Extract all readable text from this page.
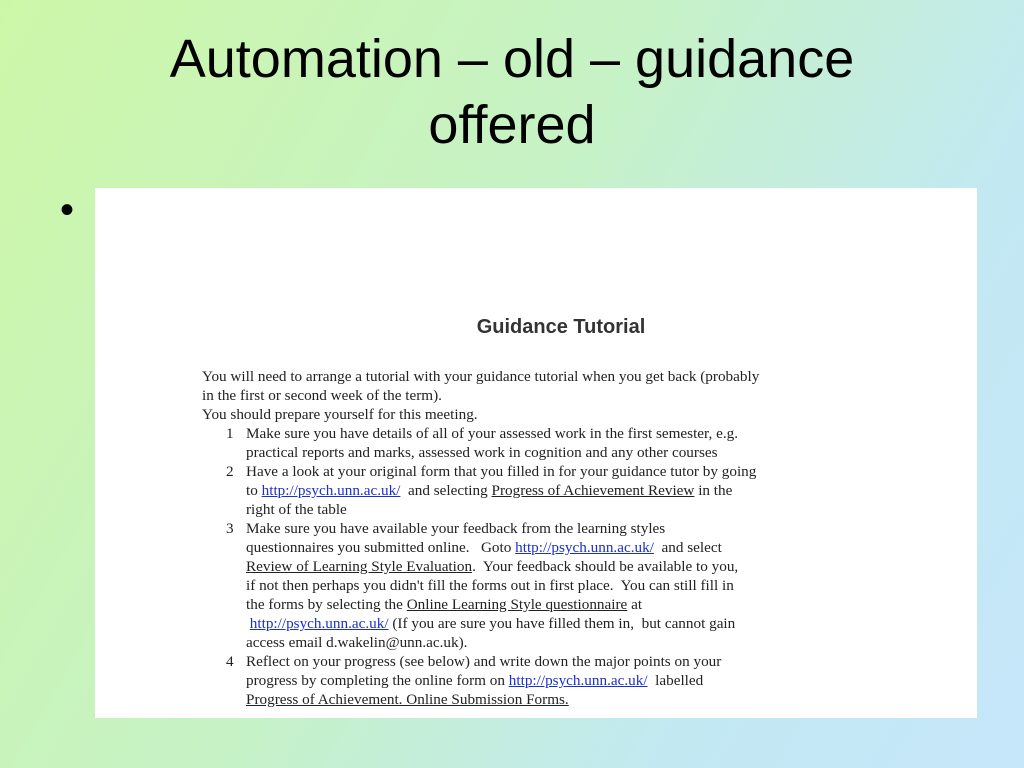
Automation – old – guidance
offered
•
Guidance Tutorial

You will need to arrange a tutorial with your guidance tutorial when you get back (probably

in the first or second week of the term).

You should prepare yourself for this meeting.

1 Make sure you have details of all of your assessed work in the first semester, e.g.
practical reports and marks, assessed work in cognition and any other courses
2 Have a look at your original form that you filled in for your guidance tutor by going
to http://psych.unn.ac.uk/  and selecting Progress of Achievement Review in the
right of the table
3 Make sure you have available your feedback from the learning styles
questionnaires you submitted online.   Goto http://psych.unn.ac.uk/  and select
Review of Learning Style Evaluation.  Your feedback should be available to you,
if not then perhaps you didn't fill the forms out in first place.  You can still fill in
the forms by selecting the Online Learning Style questionnaire at
http://psych.unn.ac.uk/ (If you are sure you have filled them in,  but cannot gain
access email d.wakelin@unn.ac.uk).
4 Reflect on your progress (see below) and write down the major points on your
progress by completing the online form on http://psych.unn.ac.uk/  labelled
Progress of Achievement. Online Submission Forms.
